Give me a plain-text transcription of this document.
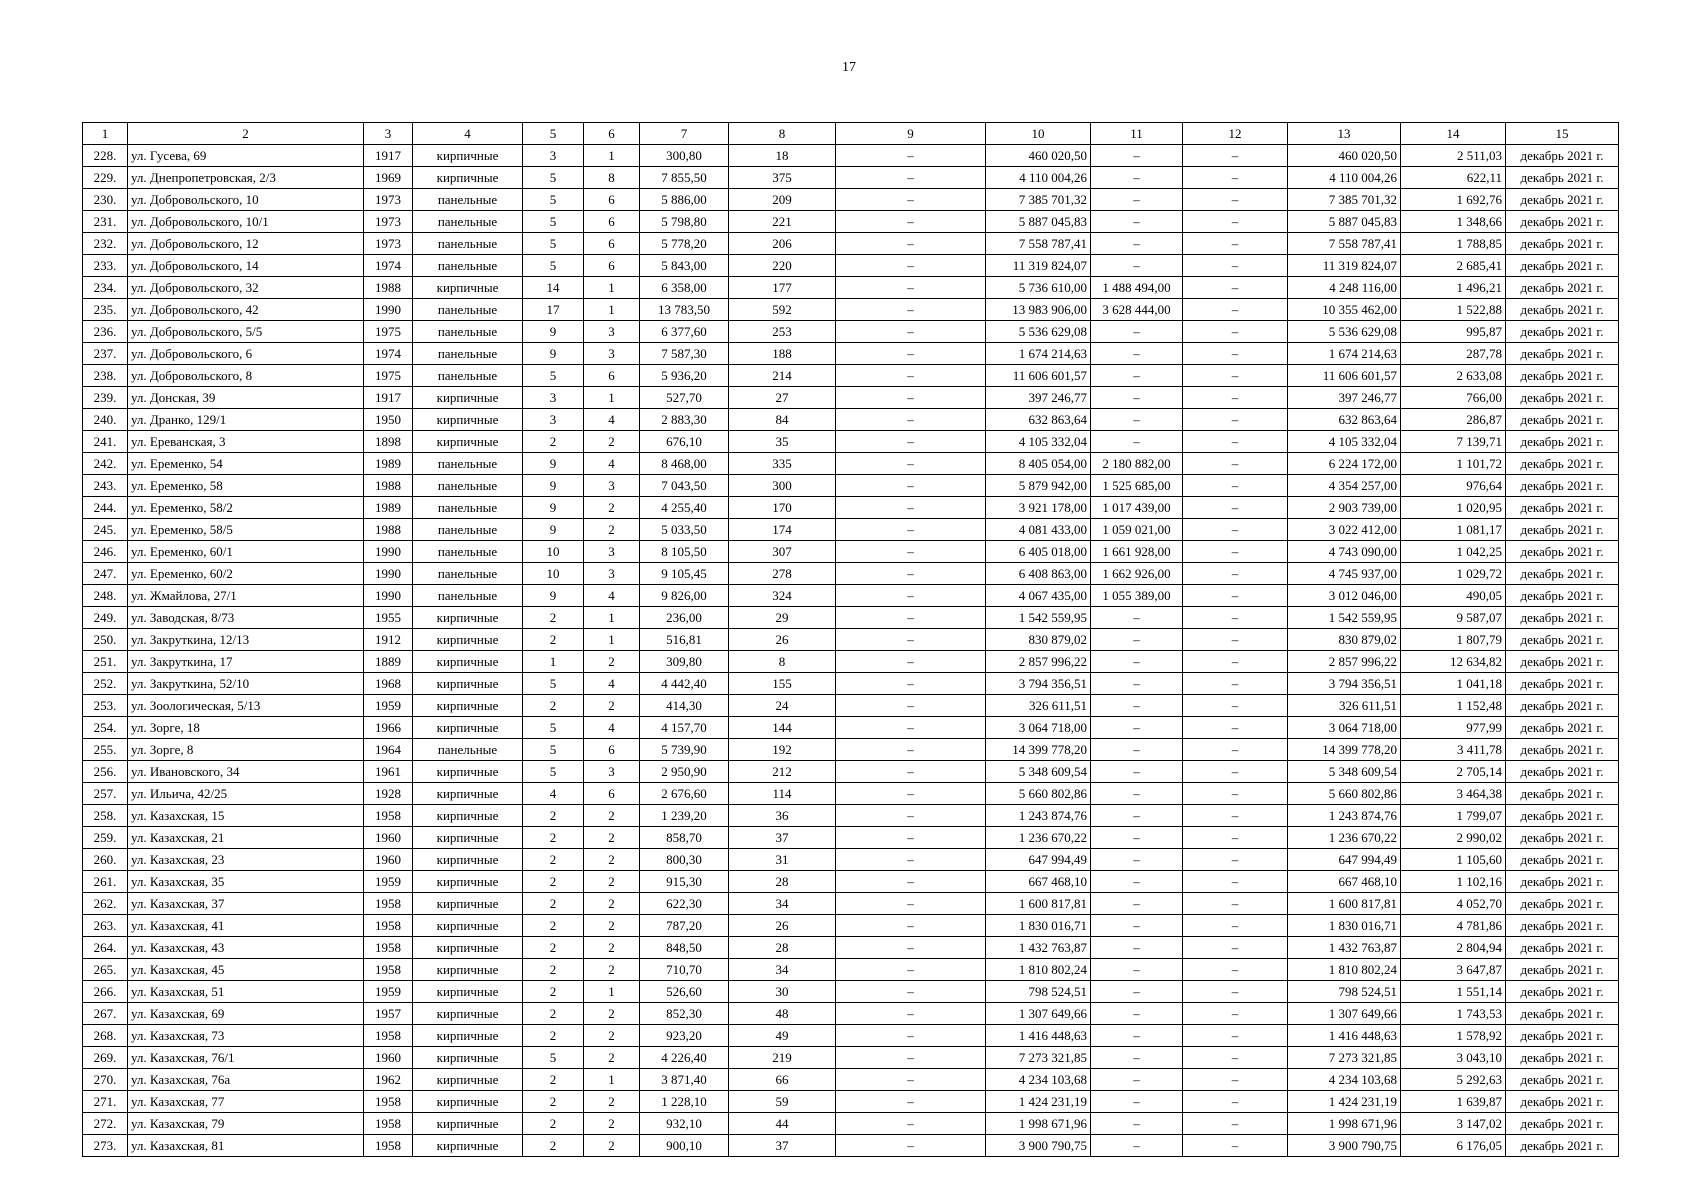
17
1	2	3	4	5	6	7	8	9	10	11	12	13	14	15
228.	ул. Гусева, 69	1917	кирпичные	3	1	300,80	18	–	460 020,50	–	–	460 020,50	2 511,03	декабрь 2021 г.
229.	ул. Днепропетровская, 2/3	1969	кирпичные	5	8	7 855,50	375	–	4 110 004,26	–	–	4 110 004,26	622,11	декабрь 2021 г.
230.	ул. Добровольского, 10	1973	панельные	5	6	5 886,00	209	–	7 385 701,32	–	–	7 385 701,32	1 692,76	декабрь 2021 г.
231.	ул. Добровольского, 10/1	1973	панельные	5	6	5 798,80	221	–	5 887 045,83	–	–	5 887 045,83	1 348,66	декабрь 2021 г.
232.	ул. Добровольского, 12	1973	панельные	5	6	5 778,20	206	–	7 558 787,41	–	–	7 558 787,41	1 788,85	декабрь 2021 г.
233.	ул. Добровольского, 14	1974	панельные	5	6	5 843,00	220	–	11 319 824,07	–	–	11 319 824,07	2 685,41	декабрь 2021 г.
234.	ул. Добровольского, 32	1988	кирпичные	14	1	6 358,00	177	–	5 736 610,00	1 488 494,00	–	4 248 116,00	1 496,21	декабрь 2021 г.
235.	ул. Добровольского, 42	1990	панельные	17	1	13 783,50	592	–	13 983 906,00	3 628 444,00	–	10 355 462,00	1 522,88	декабрь 2021 г.
236.	ул. Добровольского, 5/5	1975	панельные	9	3	6 377,60	253	–	5 536 629,08	–	–	5 536 629,08	995,87	декабрь 2021 г.
237.	ул. Добровольского, 6	1974	панельные	9	3	7 587,30	188	–	1 674 214,63	–	–	1 674 214,63	287,78	декабрь 2021 г.
238.	ул. Добровольского, 8	1975	панельные	5	6	5 936,20	214	–	11 606 601,57	–	–	11 606 601,57	2 633,08	декабрь 2021 г.
239.	ул. Донская, 39	1917	кирпичные	3	1	527,70	27	–	397 246,77	–	–	397 246,77	766,00	декабрь 2021 г.
240.	ул. Дранко, 129/1	1950	кирпичные	3	4	2 883,30	84	–	632 863,64	–	–	632 863,64	286,87	декабрь 2021 г.
241.	ул. Ереванская, 3	1898	кирпичные	2	2	676,10	35	–	4 105 332,04	–	–	4 105 332,04	7 139,71	декабрь 2021 г.
242.	ул. Еременко, 54	1989	панельные	9	4	8 468,00	335	–	8 405 054,00	2 180 882,00	–	6 224 172,00	1 101,72	декабрь 2021 г.
243.	ул. Еременко, 58	1988	панельные	9	3	7 043,50	300	–	5 879 942,00	1 525 685,00	–	4 354 257,00	976,64	декабрь 2021 г.
244.	ул. Еременко, 58/2	1989	панельные	9	2	4 255,40	170	–	3 921 178,00	1 017 439,00	–	2 903 739,00	1 020,95	декабрь 2021 г.
245.	ул. Еременко, 58/5	1988	панельные	9	2	5 033,50	174	–	4 081 433,00	1 059 021,00	–	3 022 412,00	1 081,17	декабрь 2021 г.
246.	ул. Еременко, 60/1	1990	панельные	10	3	8 105,50	307	–	6 405 018,00	1 661 928,00	–	4 743 090,00	1 042,25	декабрь 2021 г.
247.	ул. Еременко, 60/2	1990	панельные	10	3	9 105,45	278	–	6 408 863,00	1 662 926,00	–	4 745 937,00	1 029,72	декабрь 2021 г.
248.	ул. Жмайлова, 27/1	1990	панельные	9	4	9 826,00	324	–	4 067 435,00	1 055 389,00	–	3 012 046,00	490,05	декабрь 2021 г.
249.	ул. Заводская, 8/73	1955	кирпичные	2	1	236,00	29	–	1 542 559,95	–	–	1 542 559,95	9 587,07	декабрь 2021 г.
250.	ул. Закруткина, 12/13	1912	кирпичные	2	1	516,81	26	–	830 879,02	–	–	830 879,02	1 807,79	декабрь 2021 г.
251.	ул. Закруткина, 17	1889	кирпичные	1	2	309,80	8	–	2 857 996,22	–	–	2 857 996,22	12 634,82	декабрь 2021 г.
252.	ул. Закруткина, 52/10	1968	кирпичные	5	4	4 442,40	155	–	3 794 356,51	–	–	3 794 356,51	1 041,18	декабрь 2021 г.
253.	ул. Зоологическая, 5/13	1959	кирпичные	2	2	414,30	24	–	326 611,51	–	–	326 611,51	1 152,48	декабрь 2021 г.
254.	ул. Зорге, 18	1966	кирпичные	5	4	4 157,70	144	–	3 064 718,00	–	–	3 064 718,00	977,99	декабрь 2021 г.
255.	ул. Зорге, 8	1964	панельные	5	6	5 739,90	192	–	14 399 778,20	–	–	14 399 778,20	3 411,78	декабрь 2021 г.
256.	ул. Ивановского, 34	1961	кирпичные	5	3	2 950,90	212	–	5 348 609,54	–	–	5 348 609,54	2 705,14	декабрь 2021 г.
257.	ул. Ильича, 42/25	1928	кирпичные	4	6	2 676,60	114	–	5 660 802,86	–	–	5 660 802,86	3 464,38	декабрь 2021 г.
258.	ул. Казахская, 15	1958	кирпичные	2	2	1 239,20	36	–	1 243 874,76	–	–	1 243 874,76	1 799,07	декабрь 2021 г.
259.	ул. Казахская, 21	1960	кирпичные	2	2	858,70	37	–	1 236 670,22	–	–	1 236 670,22	2 990,02	декабрь 2021 г.
260.	ул. Казахская, 23	1960	кирпичные	2	2	800,30	31	–	647 994,49	–	–	647 994,49	1 105,60	декабрь 2021 г.
261.	ул. Казахская, 35	1959	кирпичные	2	2	915,30	28	–	667 468,10	–	–	667 468,10	1 102,16	декабрь 2021 г.
262.	ул. Казахская, 37	1958	кирпичные	2	2	622,30	34	–	1 600 817,81	–	–	1 600 817,81	4 052,70	декабрь 2021 г.
263.	ул. Казахская, 41	1958	кирпичные	2	2	787,20	26	–	1 830 016,71	–	–	1 830 016,71	4 781,86	декабрь 2021 г.
264.	ул. Казахская, 43	1958	кирпичные	2	2	848,50	28	–	1 432 763,87	–	–	1 432 763,87	2 804,94	декабрь 2021 г.
265.	ул. Казахская, 45	1958	кирпичные	2	2	710,70	34	–	1 810 802,24	–	–	1 810 802,24	3 647,87	декабрь 2021 г.
266.	ул. Казахская, 51	1959	кирпичные	2	1	526,60	30	–	798 524,51	–	–	798 524,51	1 551,14	декабрь 2021 г.
267.	ул. Казахская, 69	1957	кирпичные	2	2	852,30	48	–	1 307 649,66	–	–	1 307 649,66	1 743,53	декабрь 2021 г.
268.	ул. Казахская, 73	1958	кирпичные	2	2	923,20	49	–	1 416 448,63	–	–	1 416 448,63	1 578,92	декабрь 2021 г.
269.	ул. Казахская, 76/1	1960	кирпичные	5	2	4 226,40	219	–	7 273 321,85	–	–	7 273 321,85	3 043,10	декабрь 2021 г.
270.	ул. Казахская, 76а	1962	кирпичные	2	1	3 871,40	66	–	4 234 103,68	–	–	4 234 103,68	5 292,63	декабрь 2021 г.
271.	ул. Казахская, 77	1958	кирпичные	2	2	1 228,10	59	–	1 424 231,19	–	–	1 424 231,19	1 639,87	декабрь 2021 г.
272.	ул. Казахская, 79	1958	кирпичные	2	2	932,10	44	–	1 998 671,96	–	–	1 998 671,96	3 147,02	декабрь 2021 г.
273.	ул. Казахская, 81	1958	кирпичные	2	2	900,10	37	–	3 900 790,75	–	–	3 900 790,75	6 176,05	декабрь 2021 г.
